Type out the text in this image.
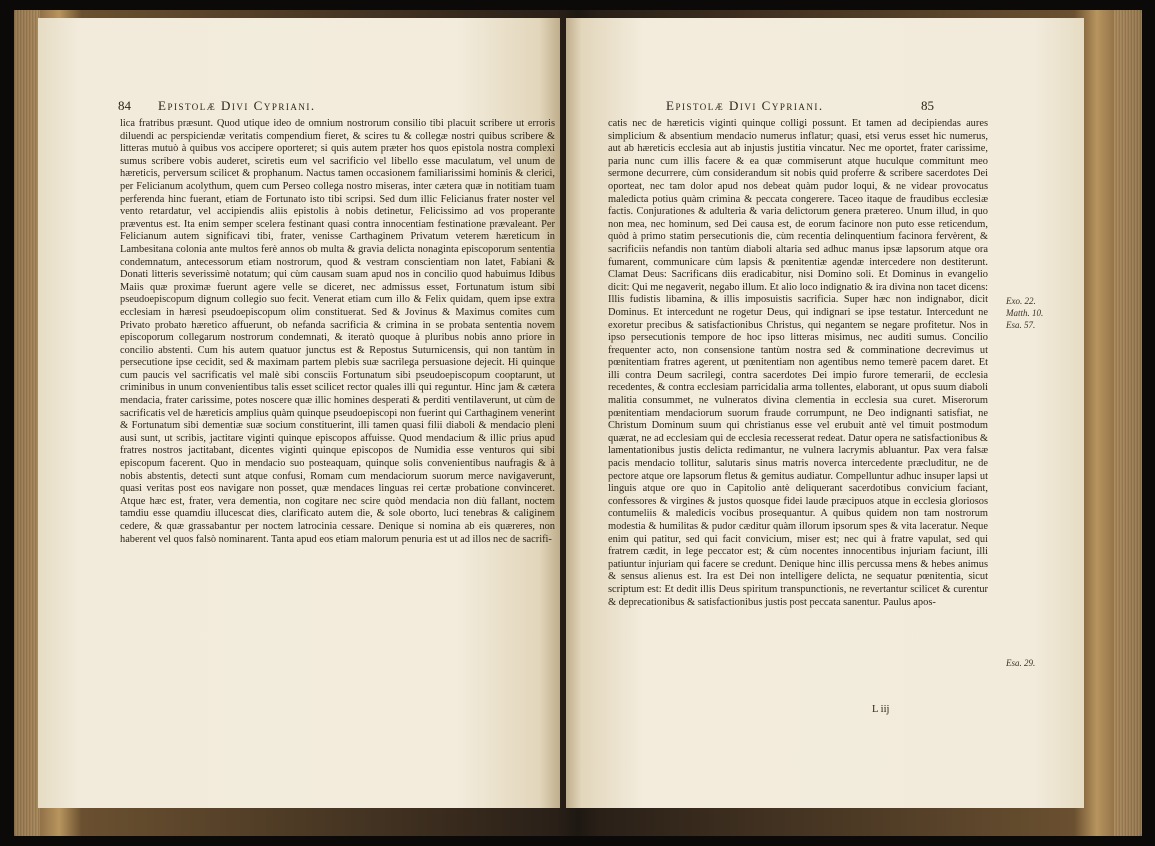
84 Epistolæ Divi Cypriani.
lica fratribus præsunt. Quod utique ideo de omnium nostrorum consilio tibi placuit scribere ut erroris diluendi ac perspiciendæ veritatis compendium fieret, & scires tu & collegæ nostri quibus scribere & litteras mutuò à quibus vos accipere oporteret; si quis autem præter hos quos epistola nostra complexi sumus scribere vobis auderet, sciretis eum vel sacrificio vel libello esse maculatum, vel unum de hæreticis, perversum scilicet & prophanum. Nactus tamen occasionem familiarissimi hominis & clerici, per Felicianum acolythum, quem cum Perseo collega nostro miseras, inter cætera quæ in notitiam tuam perferenda hinc fuerant, etiam de Fortunato isto tibi scripsi. Sed dum illic Felicianus frater noster vel vento retardatur, vel accipiendis aliis epistolis à nobis detinetur, Felicissimo ad vos properante præventus est. Ita enim semper scelera festinant quasi contra innocentiam festinatione prævaleant. Per Felicianum autem significavi tibi, frater, venisse Carthaginem Privatum veterem hæreticum in Lambesitana colonia ante multos ferè annos ob multa & gravia delicta nonaginta episcoporum sententia condemnatum, antecessorum etiam nostrorum, quod & vestram conscientiam non latet, Fabiani & Donati litteris severissimè notatum; qui cùm causam suam apud nos in concilio quod habuimus Idibus Maiis quæ proximæ fuerunt agere velle se diceret, nec admissus esset, Fortunatum istum sibi pseudoepiscopum dignum collegio suo fecit. Venerat etiam cum illo & Felix quidam, quem ipse extra ecclesiam in hæresi pseudoepiscopum olim constituerat. Sed & Jovinus & Maximus comites cum Privato probato hæretico affuerunt, ob nefanda sacrificia & crimina in se probata sententia novem episcoporum collegarum nostrorum condemnati, & iteratò quoque à pluribus nobis anno priore in concilio abstenti. Cum his autem quatuor junctus est & Repostus Suturnicensis, qui non tantùm in persecutione ipse cecidit, sed & maximam partem plebis suæ sacrilega persuasione dejecit. Hi quinque cum paucis vel sacrificatis vel malè sibi consciis Fortunatum sibi pseudoepiscopum cooptarunt, ut criminibus in unum convenientibus talis esset scilicet rector quales illi qui reguntur. Hinc jam & cætera mendacia, frater carissime, potes noscere quæ illic homines desperati & perditi ventilaverunt, ut cùm de sacrificatis vel de hæreticis amplius quàm quinque pseudoepiscopi non fuerint qui Carthaginem venerint & Fortunatum sibi dementiæ suæ socium constituerint, illi tamen quasi filii diaboli & mendacio pleni ausi sunt, ut scribis, jactitare viginti quinque episcopos affuisse. Quod mendacium & illic prius apud fratres nostros jactitabant, dicentes viginti quinque episcopos de Numidia esse venturos qui sibi episcopum facerent. Quo in mendacio suo posteaquam, quinque solis convenientibus naufragis & à nobis abstentis, detecti sunt atque confusi, Romam cum mendaciorum suorum merce navigaverunt, quasi veritas post eos navigare non posset, quæ mendaces linguas rei certæ probatione convinceret. Atque hæc est, frater, vera dementia, non cogitare nec scire quòd mendacia non diù fallant, noctem tamdiu esse quamdiu illucescat dies, clarificato autem die, & sole oborto, luci tenebras & caliginem cedere, & quæ grassabantur per noctem latrocinia cessare. Denique si nomina ab eis quæreres, non haberent vel quos falsò nominarent. Tanta apud eos etiam malorum penuria est ut ad illos nec de sacrifi-
Epistolæ Divi Cypriani.	85
catis nec de hæreticis viginti quinque colligi possunt. Et tamen ad decipiendas aures simplicium & absentium mendacio numerus inflatur; quasi, etsi verus esset hic numerus, aut ab hæreticis ecclesia aut ab injustis justitia vincatur. Nec me oportet, frater carissime, paria nunc cum illis facere & ea quæ commiserunt atque huculque commitunt meo sermone decurrere, cùm considerandum sit nobis quid proferre & scribere sacerdotes Dei oporteat, nec tam dolor apud nos debeat quàm pudor loqui, & ne videar provocatus maledicta potius quàm crimina & peccata congerere. Taceo itaque de fraudibus ecclesiæ factis. Conjurationes & adulteria & varia delictorum genera prætereo. Unum illud, in quo non mea, nec hominum, sed Dei causa est, de eorum facinore non puto esse reticendum, quòd à primo statim persecutionis die, cùm recentia delinquentium facinora fervèrent, & sacrificiis nefandis non tantùm diaboli altaria sed adhuc manus ipsæ lapsorum atque ora fumarent, communicare cùm lapsis & pœnitentiæ agendæ intercedere non destiterunt. Clamat Deus: Sacrificans diis eradicabitur, nisi Domino soli. Et Dominus in evangelio dicit: Qui me negaverit, negabo illum. Et alio loco indignatio & ira divina non tacet dicens: Illis fudistis libamina, & illis imposuistis sacrificia. Super hæc non indignabor, dicit Dominus. Et intercedunt ne rogetur Deus, qui indignari se ipse testatur. Intercedunt ne exoretur precibus & satisfactionibus Christus, qui negantem se negare profitetur. Nos in ipso persecutionis tempore de hoc ipso litteras misimus, nec auditi sumus. Concilio frequenter acto, non consensione tantùm nostra sed & comminatione decrevimus ut pœnitentiam fratres agerent, ut pœnitentiam non agentibus nemo temerè pacem daret. Et illi contra Deum sacrilegi, contra sacerdotes Dei impio furore temerarii, de ecclesia recedentes, & contra ecclesiam parricidalia arma tollentes, elaborant, ut opus suum diaboli malitia consummet, ne vulneratos divina clementia in ecclesia sua curet. Miserorum pœnitentiam mendaciorum suorum fraude corrumpunt, ne Deo indignanti satisfiat, ne Christum Dominum suum qui christianus esse vel erubuit antè vel timuit postmodum quærat, ne ad ecclesiam qui de ecclesia recesserat redeat. Datur opera ne satisfactionibus & lamentationibus justis delicta redimantur, ne vulnera lacrymis abluantur. Pax vera falsæ pacis mendacio tollitur, salutaris sinus matris noverca intercedente præcluditur, ne de pectore atque ore lapsorum fletus & gemitus audiatur. Compelluntur adhuc insuper lapsi ut linguis atque ore quo in Capitolio antè deliquerant sacerdotibus convicium faciant, confessores & virgines & justos quosque fidei laude præcipuos atque in ecclesia gloriosos contumeliis & maledicis vocibus prosequantur. A quibus quidem non tam nostrorum modestia & humilitas & pudor cæditur quàm illorum ipsorum spes & vita laceratur. Neque enim qui patitur, sed qui facit convicium, miser est; nec qui à fratre vapulat, sed qui fratrem cædit, in lege peccator est; & cùm nocentes innocentibus injuriam faciunt, illi patiuntur injuriam qui facere se credunt. Denique hinc illis percussa mens & hebes animus & sensus alienus est. Ira est Dei non intelligere delicta, ne sequatur pœnitentia, sicut scriptum est: Et dedit illis Deus spiritum transpunctionis, ne revertantur scilicet & curentur & deprecationibus & satisfactionibus justis post peccata sanentur. Paulus apos-
Exo. 22.
Matth. 10.
Esa. 57.
Esa. 29.
L iij
